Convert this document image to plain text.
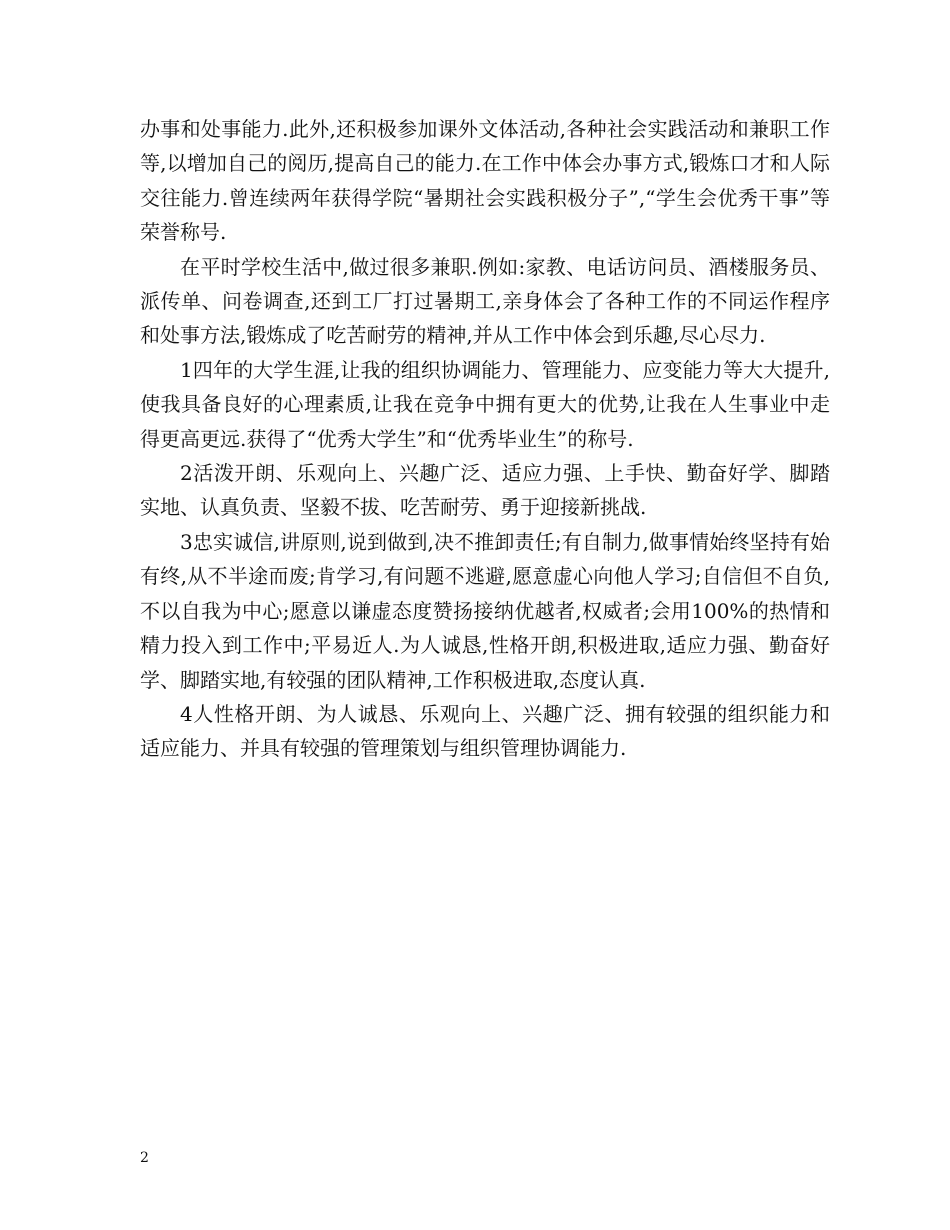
办事和处事能力.此外,还积极参加课外文体活动,各种社会实践活动和兼职工作等,以增加自己的阅历,提高自己的能力.在工作中体会办事方式,锻炼口才和人际交往能力.曾连续两年获得学院“暑期社会实践积极分子”,“学生会优秀干事”等荣誉称号.

在平时学校生活中,做过很多兼职.例如:家教、电话访问员、酒楼服务员、派传单、问卷调查,还到工厂打过暑期工,亲身体会了各种工作的不同运作程序和处事方法,锻炼成了吃苦耐劳的精神,并从工作中体会到乐趣,尽心尽力.

1四年的大学生涯,让我的组织协调能力、管理能力、应变能力等大大提升,使我具备良好的心理素质,让我在竞争中拥有更大的优势,让我在人生事业中走得更高更远.获得了“优秀大学生”和“优秀毕业生”的称号.

2活泼开朗、乐观向上、兴趣广泛、适应力强、上手快、勤奋好学、脚踏实地、认真负责、坚毅不拔、吃苦耐劳、勇于迎接新挑战.

3忠实诚信,讲原则,说到做到,决不推卸责任;有自制力,做事情始终坚持有始有终,从不半途而废;肯学习,有问题不逃避,愿意虚心向他人学习;自信但不自负,不以自我为中心;愿意以谦虚态度赞扬接纳优越者,权威者;会用100%的热情和精力投入到工作中;平易近人.为人诚恳,性格开朗,积极进取,适应力强、勤奋好学、脚踏实地,有较强的团队精神,工作积极进取,态度认真.

4人性格开朗、为人诚恳、乐观向上、兴趣广泛、拥有较强的组织能力和适应能力、并具有较强的管理策划与组织管理协调能力.

2
